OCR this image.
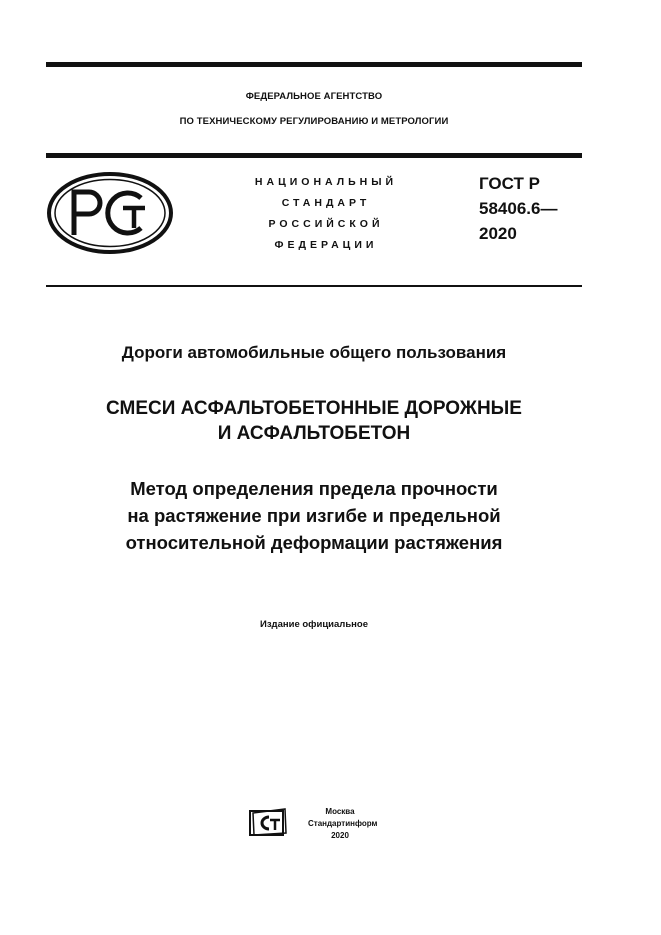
ФЕДЕРАЛЬНОЕ АГЕНТСТВО
ПО ТЕХНИЧЕСКОМУ РЕГУЛИРОВАНИЮ И МЕТРОЛОГИИ
НАЦИОНАЛЬНЫЙ
СТАНДАРТ
РОССИЙСКОЙ
ФЕДЕРАЦИИ
ГОСТ Р
58406.6—
2020
Дороги автомобильные общего пользования
СМЕСИ АСФАЛЬТОБЕТОННЫЕ ДОРОЖНЫЕ
И АСФАЛЬТОБЕТОН
Метод определения предела прочности
на растяжение при изгибе и предельной
относительной деформации растяжения
Издание официальное
Москва
Стандартинформ
2020
